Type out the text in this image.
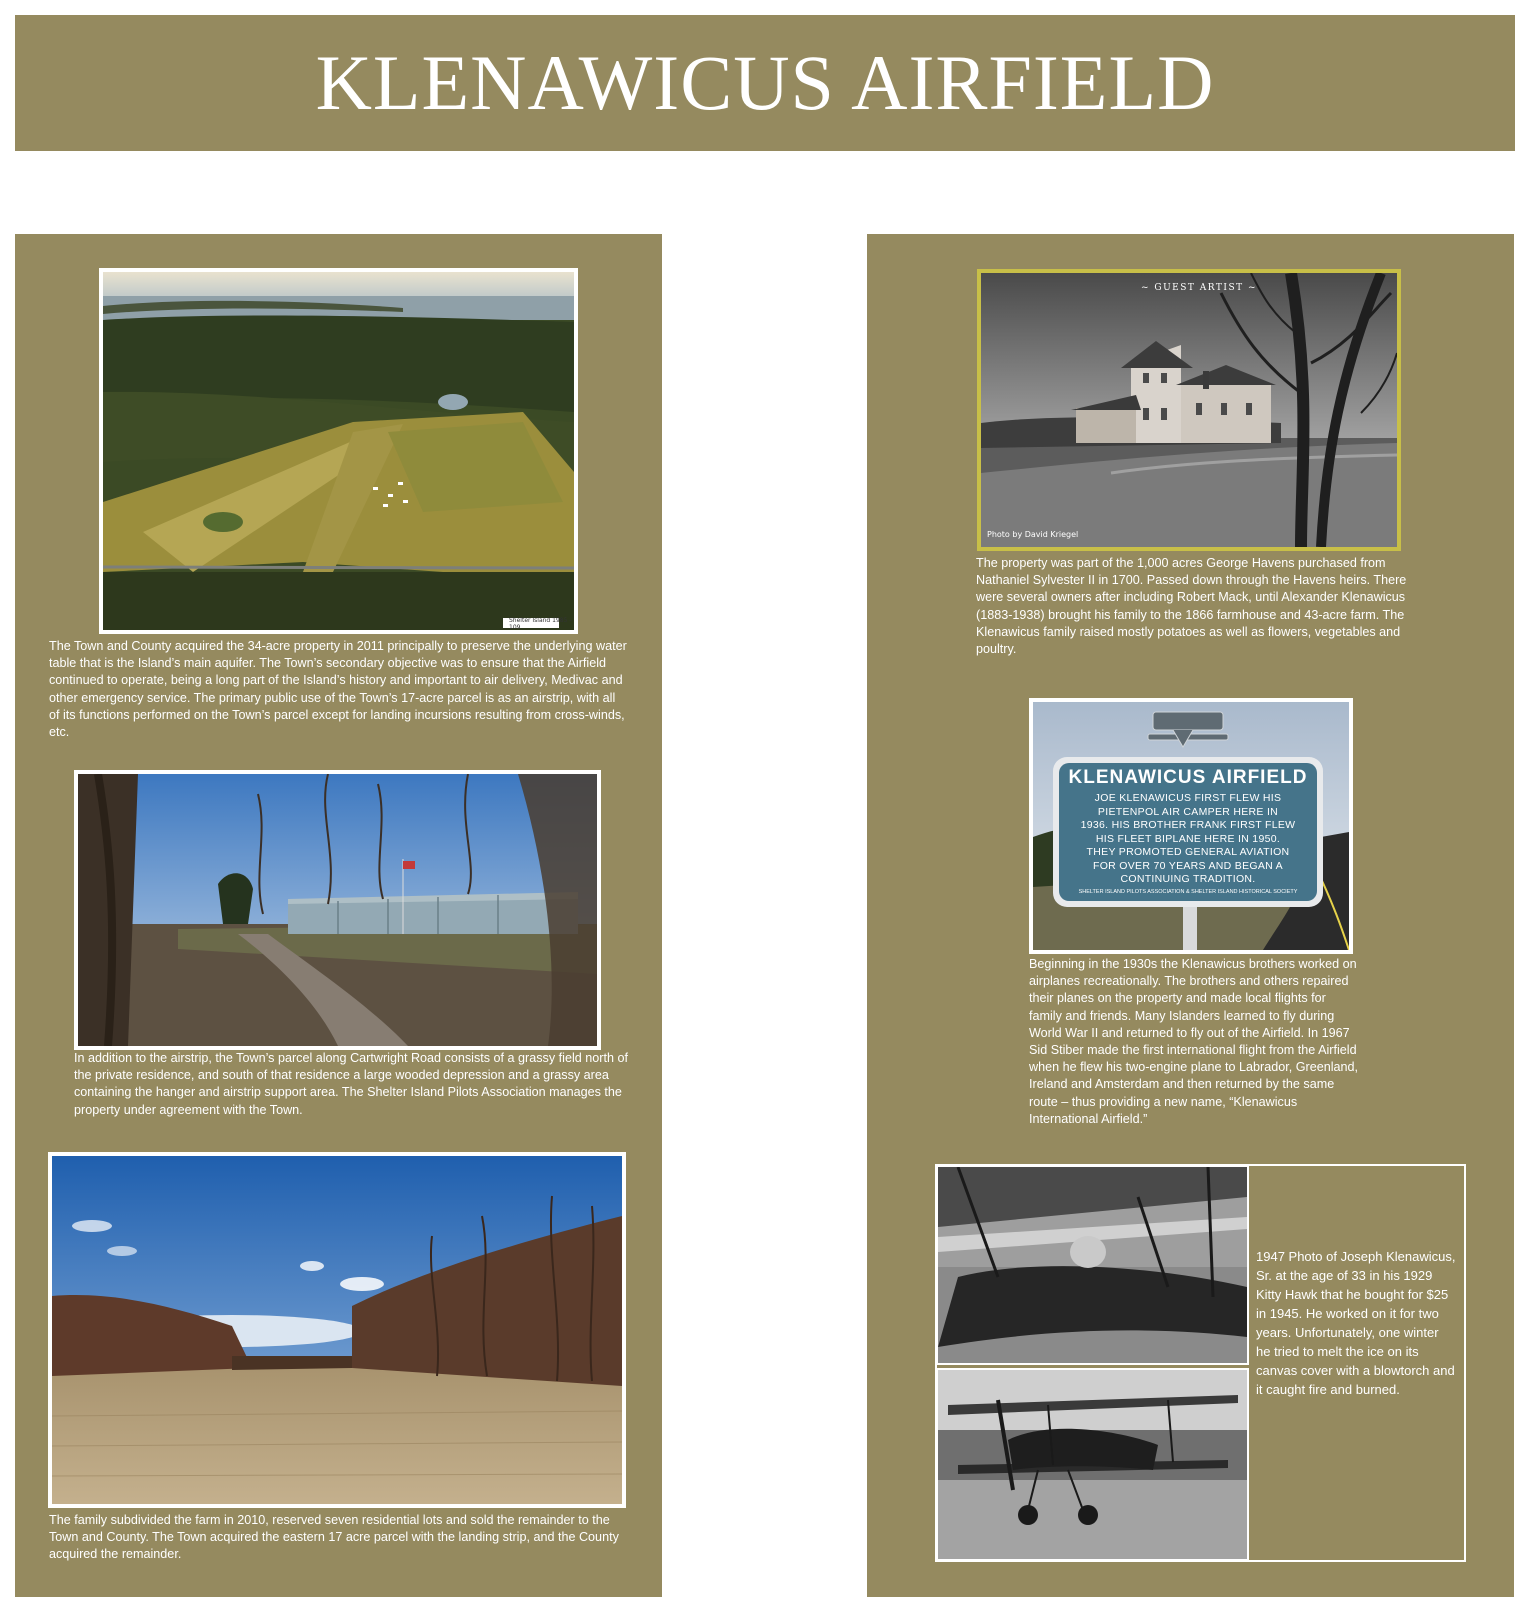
KLENAWICUS AIRFIELD
Shelter Island 1985 - 109

The Town and County acquired the 34-acre property in 2011 principally to preserve the underlying water table that is the Island’s main aquifer. The Town’s secondary objective was to ensure that the Airfield continued to operate, being a long part of the Island’s history and important to air delivery, Medivac and other emergency service. The primary public use of the Town’s 17-acre parcel is as an airstrip, with all of its functions performed on the Town’s parcel except for landing incursions resulting from cross-winds, etc.

In addition to the airstrip, the Town’s parcel along Cartwright Road consists of a grassy field north of the private residence, and south of that residence a large wooded depression and a grassy area containing the hanger and airstrip support area. The Shelter Island Pilots Association manages the property under agreement with the Town.

The family subdivided the farm in 2010, reserved seven residential lots and sold the remainder to the Town and County. The Town acquired the eastern 17 acre parcel with the landing strip, and the County acquired the remainder.

~ GUEST ARTIST ~
Photo by David Kriegel

The property was part of the 1,000 acres George Havens purchased from Nathaniel Sylvester II in 1700. Passed down through the Havens heirs. There were several owners after including Robert Mack, until Alexander Klenawicus (1883-1938) brought his family to the 1866 farmhouse and 43-acre farm. The Klenawicus family raised mostly potatoes as well as flowers, vegetables and poultry.

KLENAWICUS AIRFIELD
JOE KLENAWICUS FIRST FLEW HIS
PIETENPOL AIR CAMPER HERE IN
1936. HIS BROTHER FRANK FIRST FLEW
HIS FLEET BIPLANE HERE IN 1950.
THEY PROMOTED GENERAL AVIATION
FOR OVER 70 YEARS AND BEGAN A
CONTINUING TRADITION.
SHELTER ISLAND PILOTS ASSOCIATION & SHELTER ISLAND HISTORICAL SOCIETY

Beginning in the 1930s the Klenawicus brothers worked on airplanes recreationally. The brothers and others repaired their planes on the property and made local flights for family and friends. Many Islanders learned to fly during World War II and returned to fly out of the Airfield. In 1967 Sid Stiber made the first international flight from the Airfield when he flew his two-engine plane to Labrador, Greenland, Ireland and Amsterdam and then returned by the same route – thus providing a new name, “Klenawicus International Airfield.”

1947 Photo of Joseph Klenawicus, Sr. at the age of 33 in his 1929 Kitty Hawk that he bought for $25 in 1945. He worked on it for two years. Unfortunately, one winter he tried to melt the ice on its canvas cover with a blowtorch and it caught fire and burned.
